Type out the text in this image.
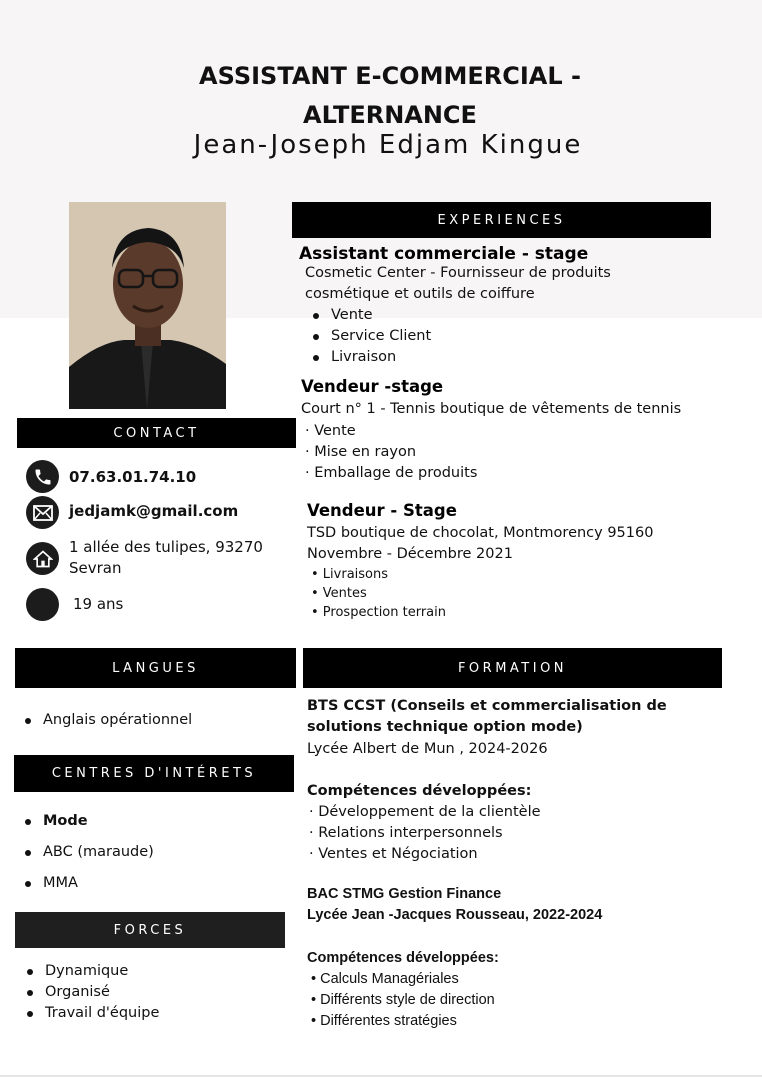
ASSISTANT E-COMMERCIAL -
ALTERNANCE
Jean-Joseph Edjam Kingue
EXPERIENCES
Assistant commerciale - stage
Cosmetic Center - Fournisseur de produits
cosmétique et outils de coiffure
Vente
Service Client
Livraison
Vendeur -stage
Court n° 1 - Tennis boutique de vêtements de tennis
· Vente
· Mise en rayon
· Emballage de produits
Vendeur - Stage
TSD boutique de chocolat, Montmorency 95160
Novembre - Décembre 2021
• Livraisons
• Ventes
• Prospection terrain
CONTACT
07.63.01.74.10
jedjamk@gmail.com
1 allée des tulipes, 93270
Sevran
19 ans
LANGUES
Anglais opérationnel
CENTRES D'INTÉRETS
Mode
ABC (maraude)
MMA
FORCES
Dynamique
Organisé
Travail d'équipe
FORMATION
BTS CCST (Conseils et commercialisation de
solutions technique option mode)
Lycée Albert de Mun , 2024-2026
Compétences développées:
· Développement de la clientèle
· Relations interpersonnels
· Ventes et Négociation
BAC STMG Gestion Finance
Lycée Jean -Jacques Rousseau, 2022-2024
Compétences développées:
• Calculs Managériales
• Différents style de direction
• Différentes stratégies
